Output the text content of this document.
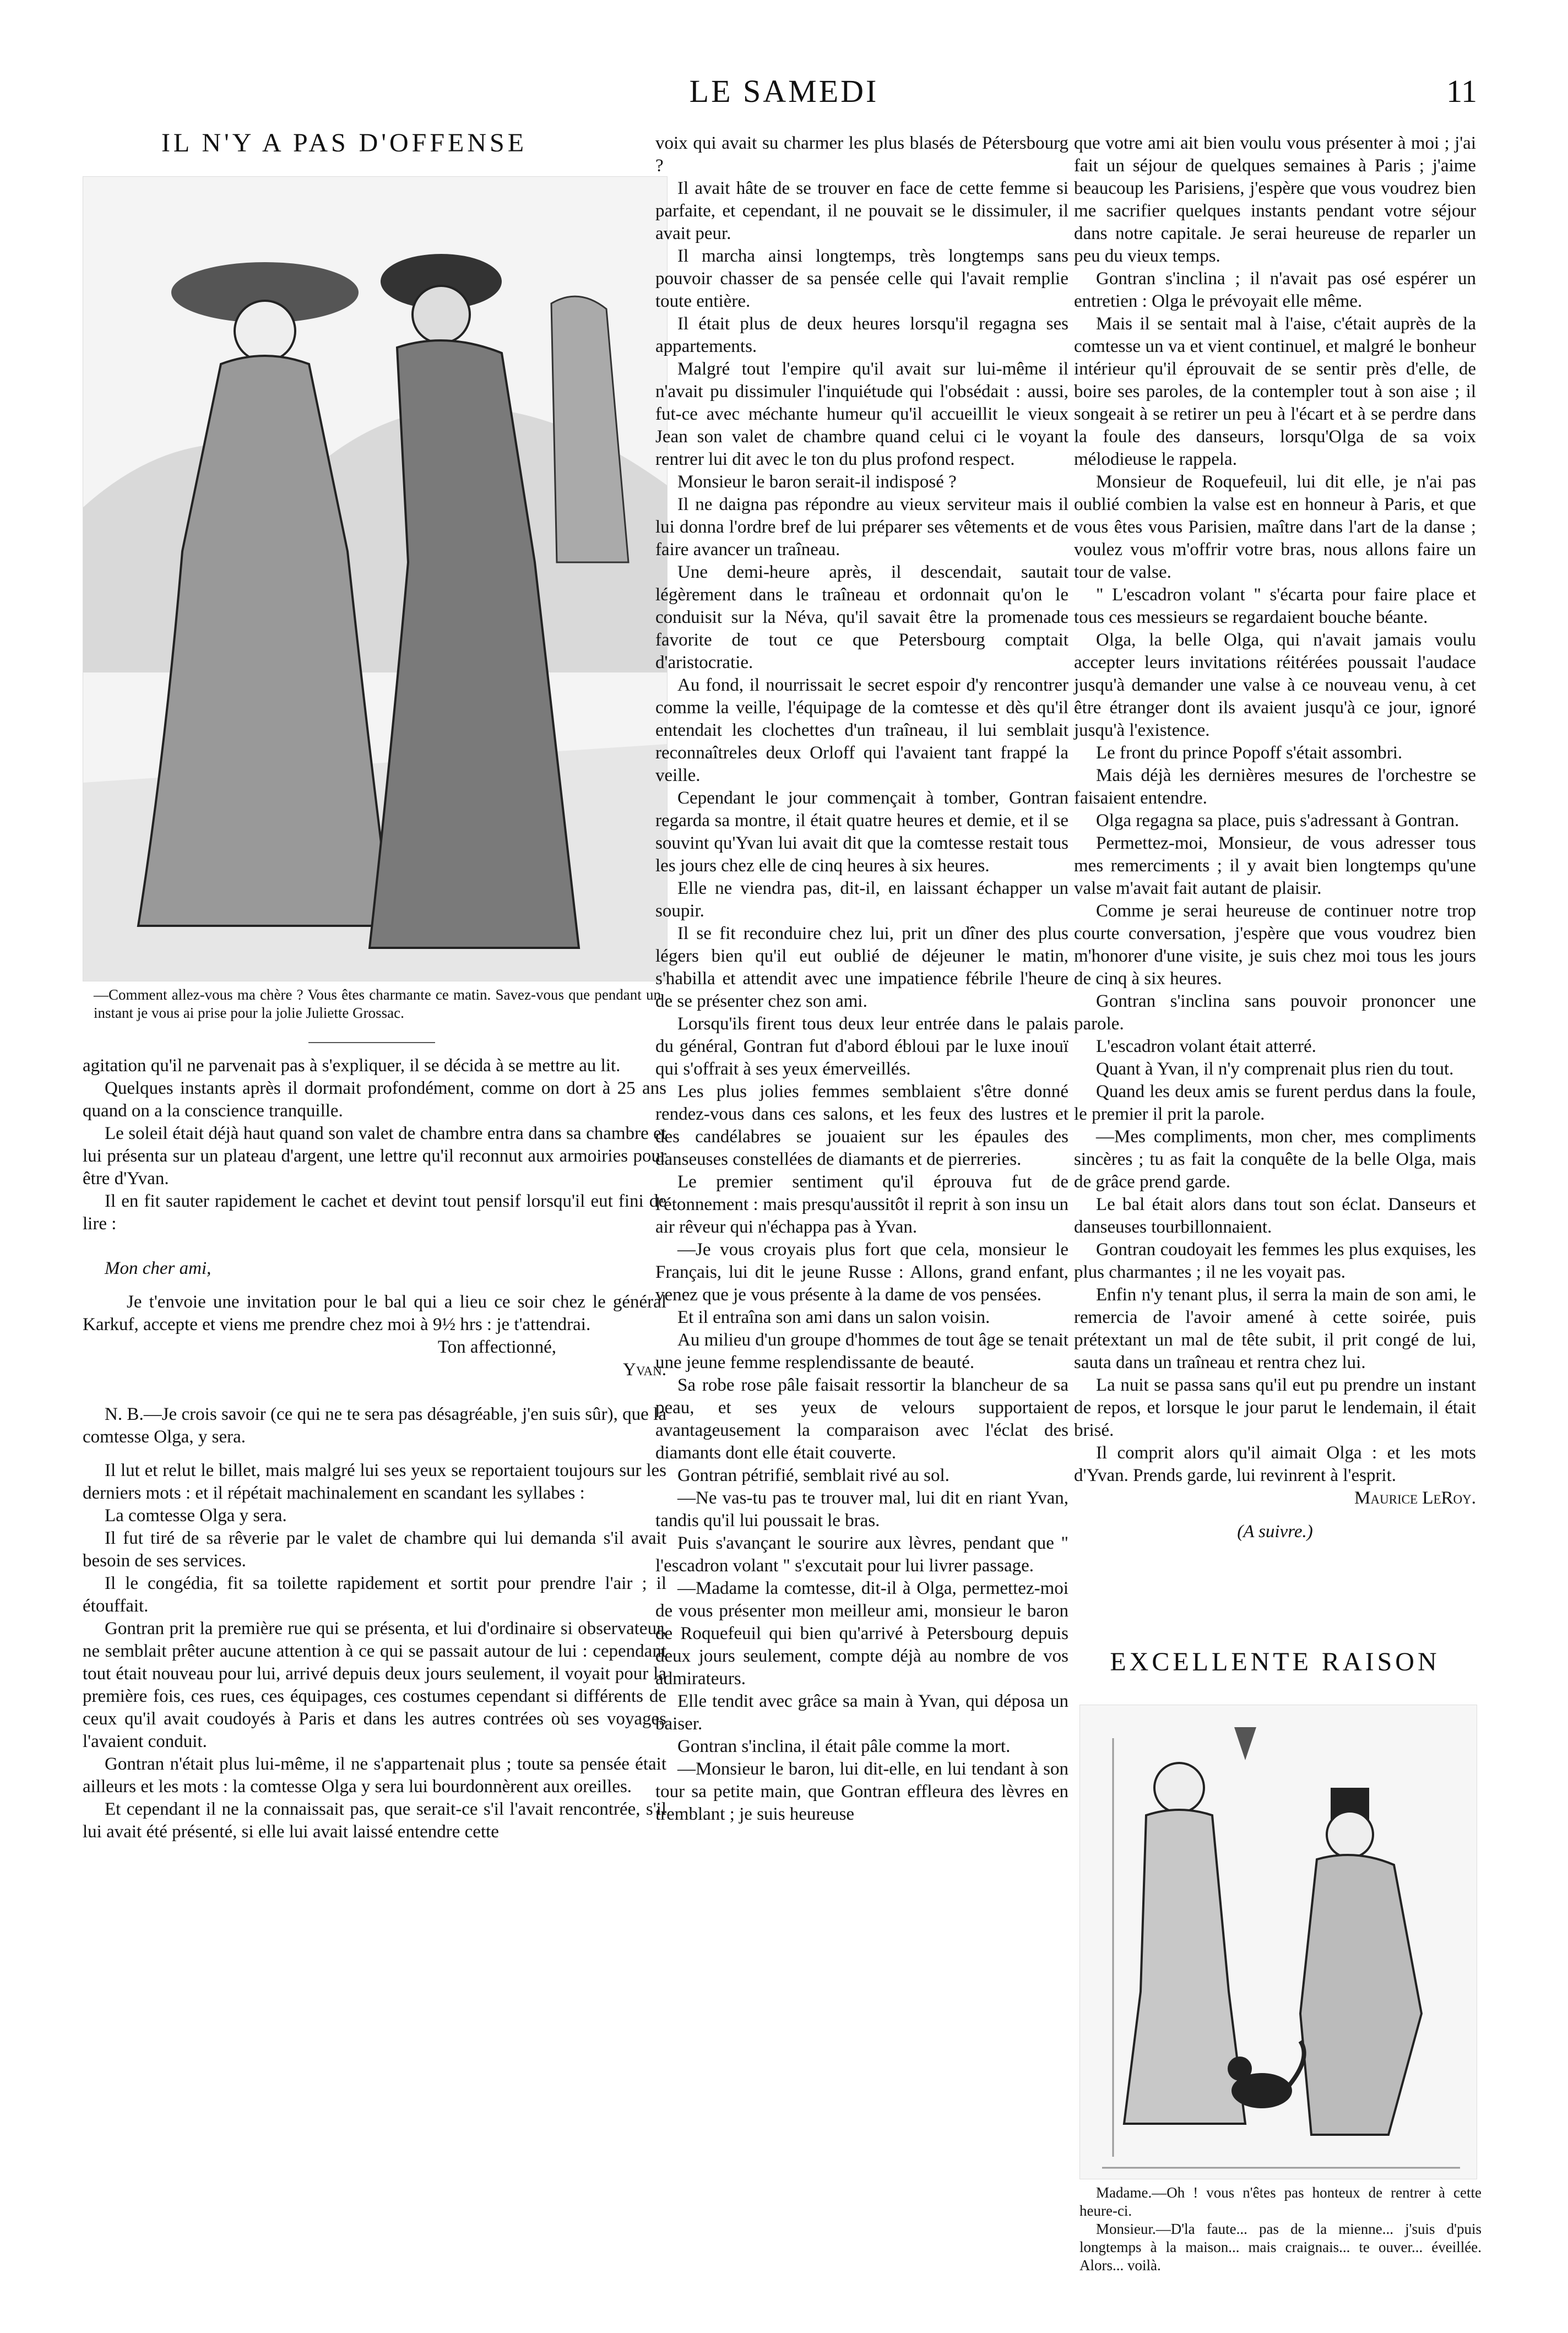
LE SAMEDI	11
IL N'Y A PAS D'OFFENSE
—Comment allez-vous ma chère ? Vous êtes charmante ce matin. Savez-vous que pendant un instant je vous ai prise pour la jolie Juliette Grossac.

agitation qu'il ne parvenait pas à s'expliquer, il se décida à se mettre au lit.

Quelques instants après il dormait profondément, comme on dort à 25 ans quand on a la conscience tranquille.

Le soleil était déjà haut quand son valet de chambre entra dans sa chambre et lui présenta sur un plateau d'argent, une lettre qu'il reconnut aux armoiries pour être d'Yvan.

Il en fit sauter rapidement le cachet et devint tout pensif lorsqu'il eut fini de lire :

Mon cher ami,

Je t'envoie une invitation pour le bal qui a lieu ce soir chez le général Karkuf, accepte et viens me prendre chez moi à 9½ hrs : je t'attendrai.

Ton affectionné,

Yvan.

N. B.—Je crois savoir (ce qui ne te sera pas désagréable, j'en suis sûr), que la comtesse Olga, y sera.

Il lut et relut le billet, mais malgré lui ses yeux se reportaient toujours sur les derniers mots : et il répétait machinalement en scandant les syllabes :

La comtesse Olga y sera.

Il fut tiré de sa rêverie par le valet de chambre qui lui demanda s'il avait besoin de ses services.

Il le congédia, fit sa toilette rapidement et sortit pour prendre l'air ; il étouffait.

Gontran prit la première rue qui se présenta, et lui d'ordinaire si observateur, ne semblait prêter aucune attention à ce qui se passait autour de lui : cependant tout était nouveau pour lui, arrivé depuis deux jours seulement, il voyait pour la première fois, ces rues, ces équipages, ces costumes cependant si différents de ceux qu'il avait coudoyés à Paris et dans les autres contrées où ses voyages l'avaient conduit.

Gontran n'était plus lui-même, il ne s'appartenait plus ; toute sa pensée était ailleurs et les mots : la comtesse Olga y sera lui bourdonnèrent aux oreilles.

Et cependant il ne la connaissait pas, que serait-ce s'il l'avait rencontrée, s'il lui avait été présenté, si elle lui avait laissé entendre cette

voix qui avait su charmer les plus blasés de Pétersbourg ?

Il avait hâte de se trouver en face de cette femme si parfaite, et cependant, il ne pouvait se le dissimuler, il avait peur.

Il marcha ainsi longtemps, très longtemps sans pouvoir chasser de sa pensée celle qui l'avait remplie toute entière.

Il était plus de deux heures lorsqu'il regagna ses appartements.

Malgré tout l'empire qu'il avait sur lui-même il n'avait pu dissimuler l'inquiétude qui l'obsédait : aussi, fut-ce avec méchante humeur qu'il accueillit le vieux Jean son valet de chambre quand celui ci le voyant rentrer lui dit avec le ton du plus profond respect.

Monsieur le baron serait-il indisposé ?

Il ne daigna pas répondre au vieux serviteur mais il lui donna l'ordre bref de lui préparer ses vêtements et de faire avancer un traîneau.

Une demi-heure après, il descendait, sautait légèrement dans le traîneau et ordonnait qu'on le conduisit sur la Néva, qu'il savait être la promenade favorite de tout ce que Petersbourg comptait d'aristocratie.

Au fond, il nourrissait le secret espoir d'y rencontrer comme la veille, l'équipage de la comtesse et dès qu'il entendait les clochettes d'un traîneau, il lui semblait reconnaîtreles deux Orloff qui l'avaient tant frappé la veille.

Cependant le jour commençait à tomber, Gontran regarda sa montre, il était quatre heures et demie, et il se souvint qu'Yvan lui avait dit que la comtesse restait tous les jours chez elle de cinq heures à six heures.

Elle ne viendra pas, dit-il, en laissant échapper un soupir.

Il se fit reconduire chez lui, prit un dîner des plus légers bien qu'il eut oublié de déjeuner le matin, s'habilla et attendit avec une impatience fébrile l'heure de se présenter chez son ami.

Lorsqu'ils firent tous deux leur entrée dans le palais du général, Gontran fut d'abord ébloui par le luxe inouï qui s'offrait à ses yeux émerveillés.

Les plus jolies femmes semblaient s'être donné rendez-vous dans ces salons, et les feux des lustres et des candélabres se jouaient sur les épaules des danseuses constellées de diamants et de pierreries.

Le premier sentiment qu'il éprouva fut de l'étonnement : mais presqu'aussitôt il reprit à son insu un air rêveur qui n'échappa pas à Yvan.

—Je vous croyais plus fort que cela, monsieur le Français, lui dit le jeune Russe : Allons, grand enfant, venez que je vous présente à la dame de vos pensées.

Et il entraîna son ami dans un salon voisin.

Au milieu d'un groupe d'hommes de tout âge se tenait une jeune femme resplendissante de beauté.

Sa robe rose pâle faisait ressortir la blancheur de sa peau, et ses yeux de velours supportaient avantageusement la comparaison avec l'éclat des diamants dont elle était couverte.

Gontran pétrifié, semblait rivé au sol.

—Ne vas-tu pas te trouver mal, lui dit en riant Yvan, tandis qu'il lui poussait le bras.

Puis s'avançant le sourire aux lèvres, pendant que " l'escadron volant " s'excutait pour lui livrer passage.

—Madame la comtesse, dit-il à Olga, permettez-moi de vous présenter mon meilleur ami, monsieur le baron de Roquefeuil qui bien qu'arrivé à Petersbourg depuis deux jours seulement, compte déjà au nombre de vos admirateurs.

Elle tendit avec grâce sa main à Yvan, qui déposa un baiser.

Gontran s'inclina, il était pâle comme la mort.

—Monsieur le baron, lui dit-elle, en lui tendant à son tour sa petite main, que Gontran effleura des lèvres en tremblant ; je suis heureuse

que votre ami ait bien voulu vous présenter à moi ; j'ai fait un séjour de quelques semaines à Paris ; j'aime beaucoup les Parisiens, j'espère que vous voudrez bien me sacrifier quelques instants pendant votre séjour dans notre capitale. Je serai heureuse de reparler un peu du vieux temps.

Gontran s'inclina ; il n'avait pas osé espérer un entretien : Olga le prévoyait elle même.

Mais il se sentait mal à l'aise, c'était auprès de la comtesse un va et vient continuel, et malgré le bonheur intérieur qu'il éprouvait de se sentir près d'elle, de boire ses paroles, de la contempler tout à son aise ; il songeait à se retirer un peu à l'écart et à se perdre dans la foule des danseurs, lorsqu'Olga de sa voix mélodieuse le rappela.

Monsieur de Roquefeuil, lui dit elle, je n'ai pas oublié combien la valse est en honneur à Paris, et que vous êtes vous Parisien, maître dans l'art de la danse ; voulez vous m'offrir votre bras, nous allons faire un tour de valse.

" L'escadron volant " s'écarta pour faire place et tous ces messieurs se regardaient bouche béante.

Olga, la belle Olga, qui n'avait jamais voulu accepter leurs invitations réitérées poussait l'audace jusqu'à demander une valse à ce nouveau venu, à cet être étranger dont ils avaient jusqu'à ce jour, ignoré jusqu'à l'existence.

Le front du prince Popoff s'était assombri.

Mais déjà les dernières mesures de l'orchestre se faisaient entendre.

Olga regagna sa place, puis s'adressant à Gontran.

Permettez-moi, Monsieur, de vous adresser tous mes remerciments ; il y avait bien longtemps qu'une valse m'avait fait autant de plaisir.

Comme je serai heureuse de continuer notre trop courte conversation, j'espère que vous voudrez bien m'honorer d'une visite, je suis chez moi tous les jours de cinq à six heures.

Gontran s'inclina sans pouvoir prononcer une parole.

L'escadron volant était atterré.

Quant à Yvan, il n'y comprenait plus rien du tout.

Quand les deux amis se furent perdus dans la foule, le premier il prit la parole.

—Mes compliments, mon cher, mes compliments sincères ; tu as fait la conquête de la belle Olga, mais de grâce prend garde.

Le bal était alors dans tout son éclat. Danseurs et danseuses tourbillonnaient.

Gontran coudoyait les femmes les plus exquises, les plus charmantes ; il ne les voyait pas.

Enfin n'y tenant plus, il serra la main de son ami, le remercia de l'avoir amené à cette soirée, puis prétextant un mal de tête subit, il prit congé de lui, sauta dans un traîneau et rentra chez lui.

La nuit se passa sans qu'il eut pu prendre un instant de repos, et lorsque le jour parut le lendemain, il était brisé.

Il comprit alors qu'il aimait Olga : et les mots d'Yvan. Prends garde, lui revinrent à l'esprit.

Maurice LeRoy.

(A suivre.)

EXCELLENTE RAISON
Madame.—Oh ! vous n'êtes pas honteux de rentrer à cette heure-ci.
Monsieur.—D'la faute... pas de la mienne... j'suis d'puis longtemps à la maison... mais craignais... te ouver... éveillée. Alors... voilà.
